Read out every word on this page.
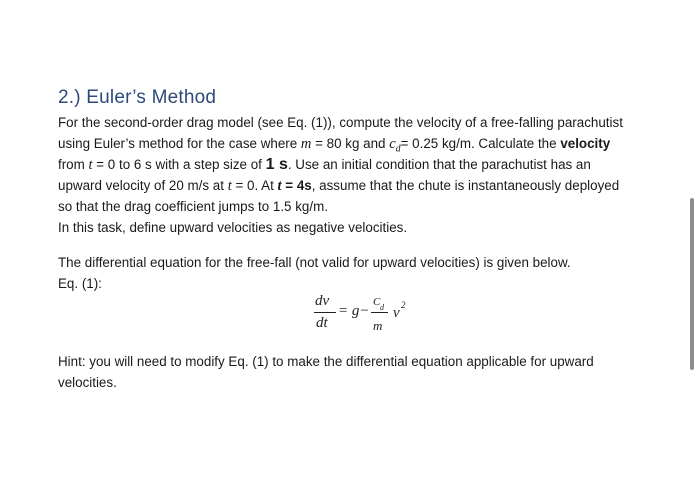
2.) Euler’s Method
For the second-order drag model (see Eq. (1)), compute the velocity of a free-falling parachutist
using Euler’s method for the case where m = 80 kg and $c_d= 0.25$ kg/m. Calculate the velocity
from t = 0 to 6 s with a step size of 1 s. Use an initial condition that the parachutist has an
upward velocity of 20 m/s at t = 0. At t = 4s, assume that the chute is instantaneously deployed
so that the drag coefficient jumps to 1.5 kg/m.
In this task, define upward velocities as negative velocities.
The differential equation for the free-fall (not valid for upward velocities) is given below.
Eq. (1):
dv
dt
= g−
C d
m
v 2
Hint: you will need to modify Eq. (1) to make the differential equation applicable for upward
velocities.
